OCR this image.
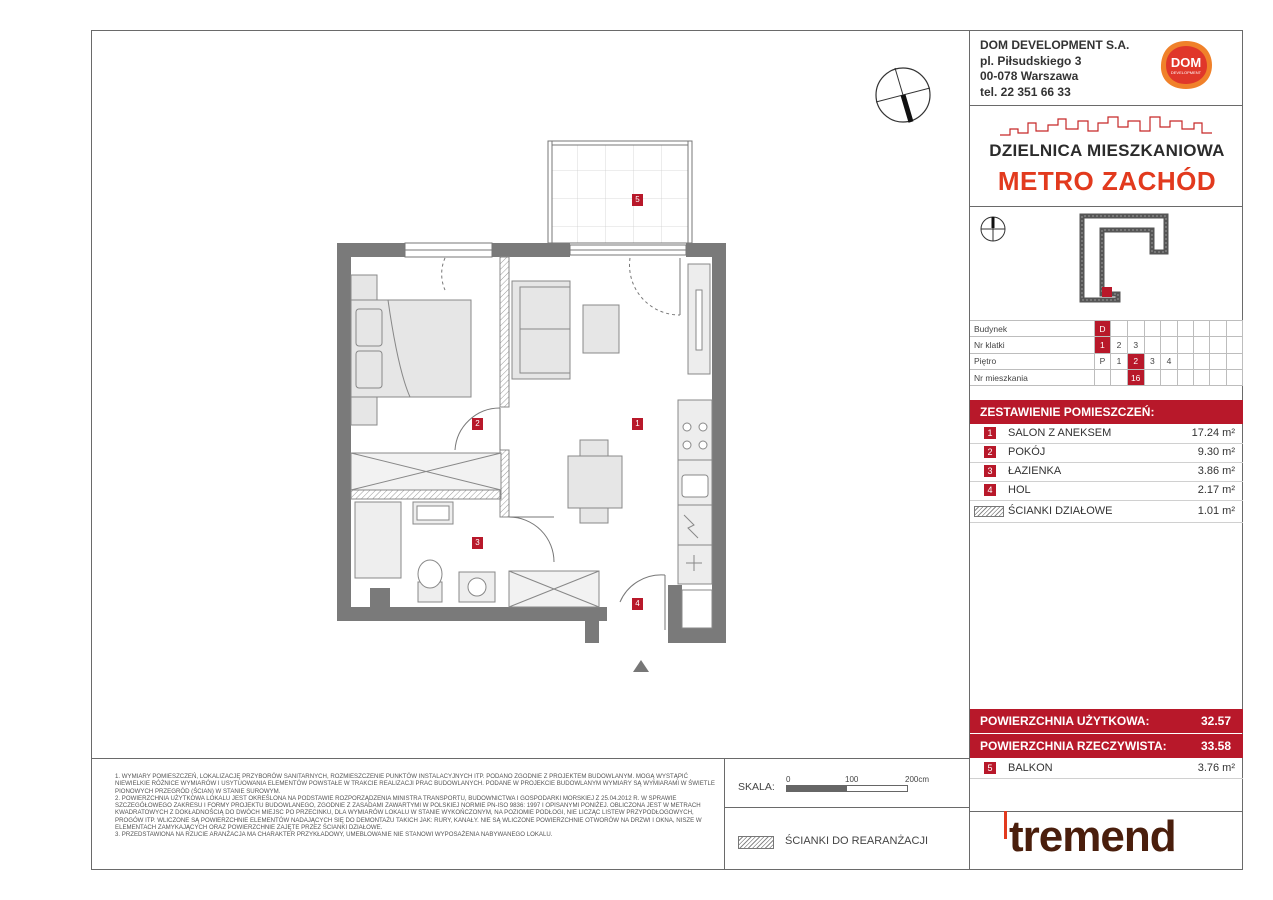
1
2
3
4
5
DOM DEVELOPMENT S.A.
pl. Piłsudskiego 3
00-078 Warszawa
tel. 22 351 66 33
DOM
DEVELOPMENT
DZIELNICA MIESZKANIOWA
METRO ZACHÓD
Budynek	D								
Nr klatki	1	2	3						
Piętro	P	1	2	3	4				
Nr mieszkania			16						
ZESTAWIENIE POMIESZCZEŃ:
1	SALON Z ANEKSEM	17.24 m²
2	POKÓJ	9.30 m²
3	ŁAZIENKA	3.86 m²
4	HOL	2.17 m²
ŚCIANKI DZIAŁOWE	1.01 m²
POWIERZCHNIA UŻYTKOWA:	32.57
POWIERZCHNIA RZECZYWISTA:	33.58
5	BALKON	3.76 m²
1. WYMIARY POMIESZCZEŃ, LOKALIZACJĘ PRZYBORÓW SANITARNYCH, ROZMIESZCZENIE PUNKTÓW INSTALACYJNYCH ITP. PODANO ZGODNIE Z PROJEKTEM BUDOWLANYM. MOGĄ WYSTĄPIĆ NIEWIELKIE RÓŻNICE WYMIARÓW I USYTUOWANIA ELEMENTÓW POWSTAŁE W TRAKCIE REALIZACJI PRAC BUDOWLANYCH. PODANE W PROJEKCIE BUDOWLANYM WYMIARY SĄ WYMIARAMI W ŚWIETLE PIONOWYCH PRZEGRÓD (ŚCIAN) W STANIE SUROWYM.
2. POWIERZCHNIA UŻYTKOWA LOKALU JEST OKREŚLONA NA PODSTAWIE ROZPORZĄDZENIA MINISTRA TRANSPORTU, BUDOWNICTWA I GOSPODARKI MORSKIEJ Z 25.04.2012 R. W SPRAWIE SZCZEGÓŁOWEGO ZAKRESU I FORMY PROJEKTU BUDOWLANEGO, ZGODNIE Z ZASADAMI ZAWARTYMI W POLSKIEJ NORMIE PN-ISO 9836: 1997 I OPISANYMI PONIŻEJ. OBLICZONA JEST W METRACH KWADRATOWYCH Z DOKŁADNOŚCIĄ DO DWÓCH MIEJSC PO PRZECINKU, DLA WYMIARÓW LOKALU W STANIE WYKOŃCZONYM, NA POZIOMIE PODŁOGI, NIE LICZĄC LISTEW PRZYPODŁOGOWYCH, PROGÓW ITP. WLICZONE SĄ POWIERZCHNIE ELEMENTÓW NADAJĄCYCH SIĘ DO DEMONTAŻU TAKICH JAK: RURY, KANAŁY. NIE SĄ WLICZONE POWIERZCHNIE OTWORÓW NA DRZWI I OKNA, NISZE W ELEMENTACH ZAMYKAJĄCYCH ORAZ POWIERZCHNIE ZAJĘTE PRZEZ ŚCIANKI DZIAŁOWE.
3. PRZEDSTAWIONA NA RZUCIE ARANŻACJA MA CHARAKTER PRZYKŁADOWY, UMEBLOWANIE NIE STANOWI WYPOSAŻENIA NABYWANEGO LOKALU.
SKALA:
0	100	200cm
ŚCIANKI DO REARANŻACJI tremend
